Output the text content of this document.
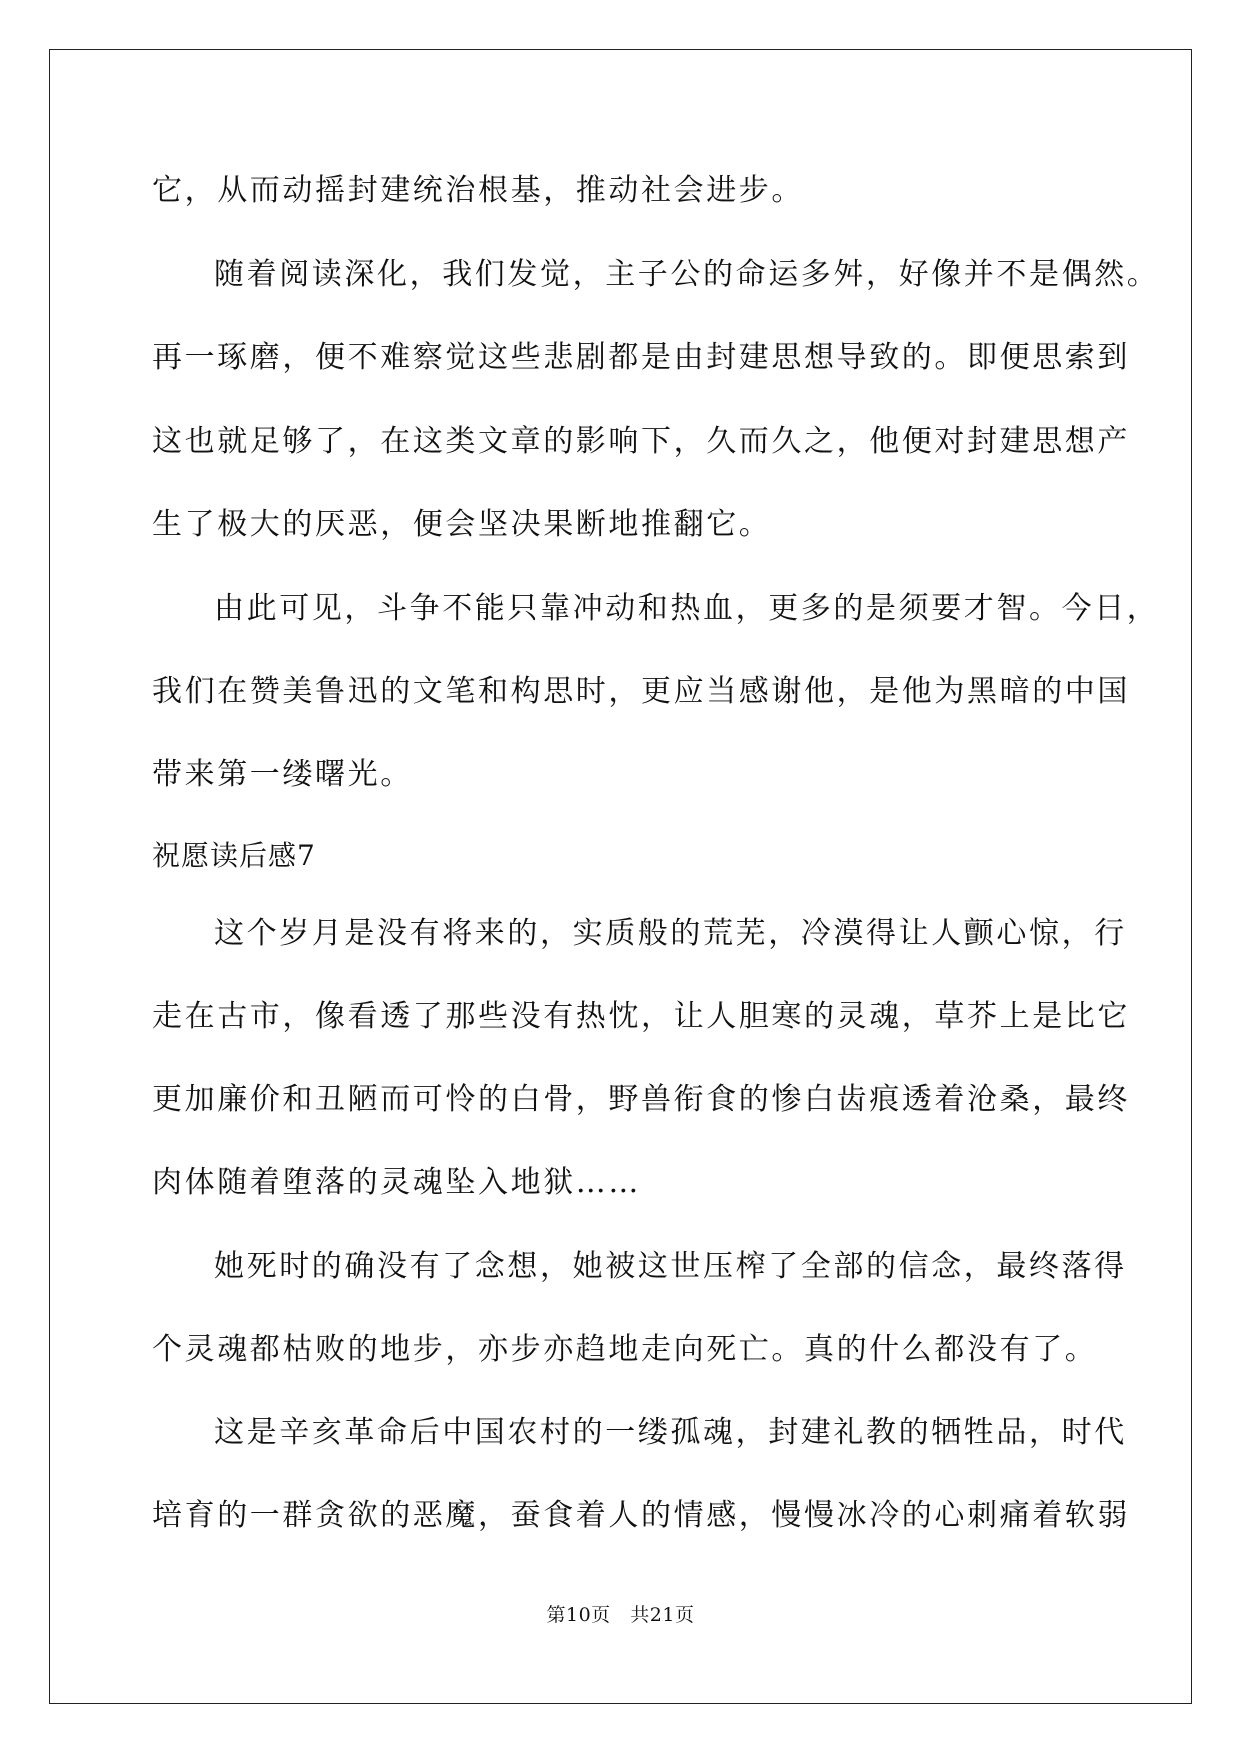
它，从而动摇封建统治根基，推动社会进步。
随着阅读深化，我们发觉，主子公的命运多舛，好像并不是偶然。
再一琢磨，便不难察觉这些悲剧都是由封建思想导致的。即便思索到
这也就足够了，在这类文章的影响下，久而久之，他便对封建思想产
生了极大的厌恶，便会坚决果断地推翻它。
由此可见，斗争不能只靠冲动和热血，更多的是须要才智。今日，
我们在赞美鲁迅的文笔和构思时，更应当感谢他，是他为黑暗的中国
带来第一缕曙光。
祝愿读后感7
这个岁月是没有将来的，实质般的荒芜，冷漠得让人颤心惊，行
走在古市，像看透了那些没有热忱，让人胆寒的灵魂，草芥上是比它
更加廉价和丑陋而可怜的白骨，野兽衔食的惨白齿痕透着沧桑，最终
肉体随着堕落的灵魂坠入地狱……
她死时的确没有了念想，她被这世压榨了全部的信念，最终落得
个灵魂都枯败的地步，亦步亦趋地走向死亡。真的什么都没有了。
这是辛亥革命后中国农村的一缕孤魂，封建礼教的牺牲品，时代
培育的一群贪欲的恶魔，蚕食着人的情感，慢慢冰冷的心刺痛着软弱
第10页   共21页
